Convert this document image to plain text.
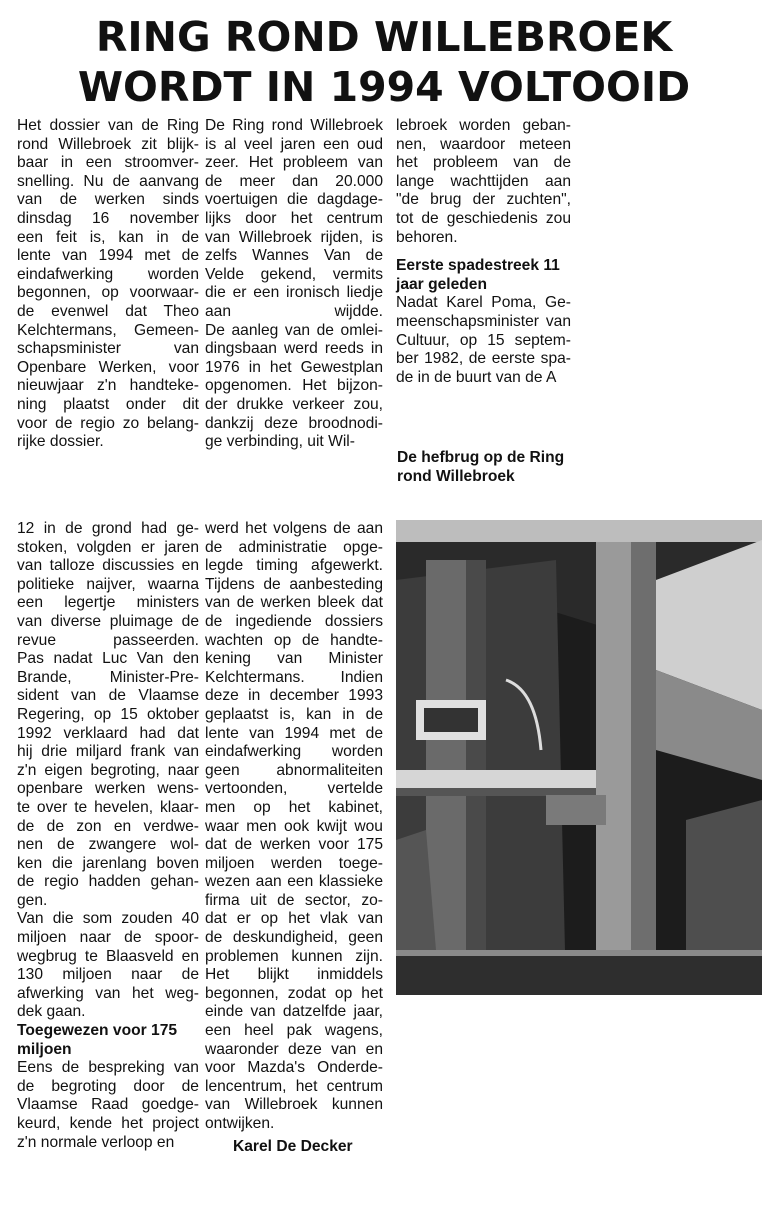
RING ROND WILLEBROEK
WORDT IN 1994 VOLTOOID
Het dossier van de Ring
rond Willebroek zit blijk-
baar in een stroomver-
snelling. Nu de aanvang
van de werken sinds
dinsdag 16 november
een feit is, kan in de
lente van 1994 met de
eindafwerking worden
begonnen, op voorwaar-
de evenwel dat Theo
Kelchtermans, Gemeen-
schapsminister van
Openbare Werken, voor
nieuwjaar z'n handteke-
ning plaatst onder dit
voor de regio zo belang-
rijke dossier.
De Ring rond Willebroek
is al veel jaren een oud
zeer. Het probleem van
de meer dan 20.000
voertuigen die dagdage-
lijks door het centrum
van Willebroek rijden, is
zelfs Wannes Van de
Velde gekend, vermits
die er een ironisch liedje
aan wijdde.
De aanleg van de omlei-
dingsbaan werd reeds in
1976 in het Gewestplan
opgenomen. Het bijzon-
der drukke verkeer zou,
dankzij deze broodnodi-
ge verbinding, uit Wil-
lebroek worden geban-
nen, waardoor meteen
het probleem van de
lange wachttijden aan
"de brug der zuchten",
tot de geschiedenis zou
behoren.
Eerste spadestreek 11
jaar geleden
Nadat Karel Poma, Ge-
meenschapsminister van
Cultuur, op 15 septem-
ber 1982, de eerste spa-
de in de buurt van de A
De hefbrug op de Ring
rond Willebroek
12 in de grond had ge-
stoken, volgden er jaren
van talloze discussies en
politieke naijver, waarna
een legertje ministers
van diverse pluimage de
revue passeerden.
Pas nadat Luc Van den
Brande, Minister-Pre-
sident van de Vlaamse
Regering, op 15 oktober
1992 verklaard had dat
hij drie miljard frank van
z'n eigen begroting, naar
openbare werken wens-
te over te hevelen, klaar-
de de zon en verdwe-
nen de zwangere wol-
ken die jarenlang boven
de regio hadden gehan-
gen.
Van die som zouden 40
miljoen naar de spoor-
wegbrug te Blaasveld en
130 miljoen naar de
afwerking van het weg-
dek gaan.
Toegewezen voor 175
miljoen
Eens de bespreking van
de begroting door de
Vlaamse Raad goedge-
keurd, kende het project
z'n normale verloop en
werd het volgens de aan
de administratie opge-
legde timing afgewerkt.
Tijdens de aanbesteding
van de werken bleek dat
de ingediende dossiers
wachten op de handte-
kening van Minister
Kelchtermans. Indien
deze in december 1993
geplaatst is, kan in de
lente van 1994 met de
eindafwerking worden
geen abnormaliteiten
vertoonden, vertelde
men op het kabinet,
waar men ook kwijt wou
dat de werken voor 175
miljoen werden toege-
wezen aan een klassieke
firma uit de sector, zo-
dat er op het vlak van
de deskundigheid, geen
problemen kunnen zijn.
Het blijkt inmiddels
begonnen, zodat op het
einde van datzelfde jaar,
een heel pak wagens,
waaronder deze van en
voor Mazda's Onderde-
lencentrum, het centrum
van Willebroek kunnen
ontwijken.
Karel De Decker
